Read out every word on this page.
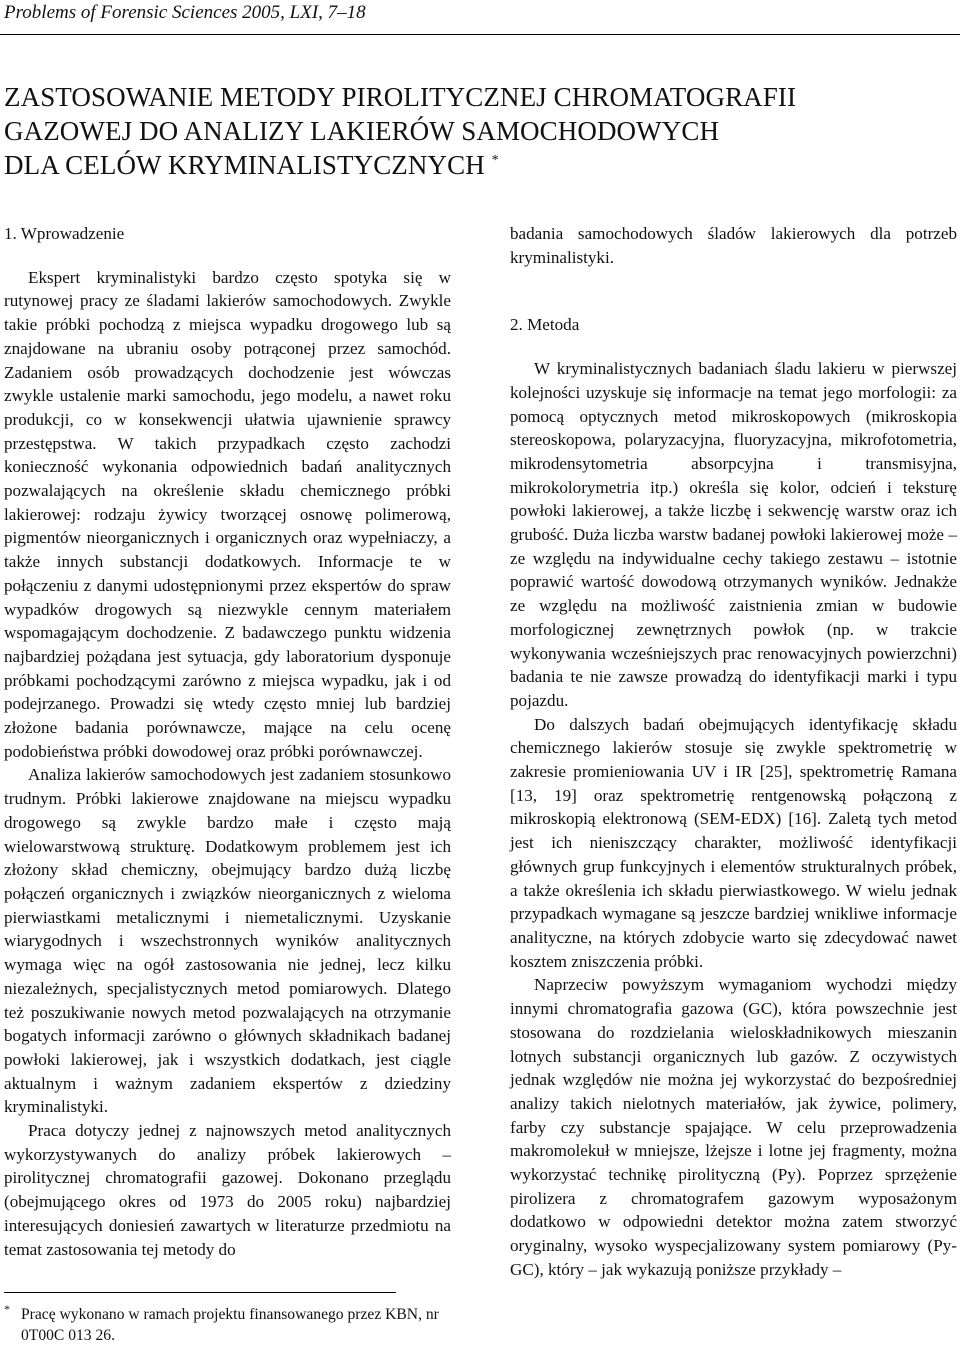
Problems of Forensic Sciences 2005, LXI, 7–18
ZASTOSOWANIE METODY PIROLITYCZNEJ CHROMATOGRAFII
GAZOWEJ DO ANALIZY LAKIERÓW SAMOCHODOWYCH
DLA CELÓW KRYMINALISTYCZNYCH *
1. Wprowadzenie

Ekspert kryminalistyki bardzo często spotyka się w rutynowej pracy ze śladami lakierów samochodowych. Zwykle takie próbki pochodzą z miejsca wypadku drogowego lub są znajdowane na ubraniu osoby potrąconej przez samochód. Zadaniem osób prowadzących dochodzenie jest wówczas zwykle ustalenie marki samochodu, jego modelu, a nawet roku produkcji, co w konsekwencji ułatwia ujawnienie sprawcy przestępstwa. W takich przypadkach często zachodzi konieczność wykonania odpowiednich badań analitycznych pozwalających na określenie składu chemicznego próbki lakierowej: rodzaju żywicy tworzącej osnowę polimerową, pigmentów nieorganicznych i organicznych oraz wypełniaczy, a także innych substancji dodatkowych. Informacje te w połączeniu z danymi udostępnionymi przez ekspertów do spraw wypadków drogowych są niezwykle cennym materiałem wspomagającym dochodzenie. Z badawczego punktu widzenia najbardziej pożądana jest sytuacja, gdy laboratorium dysponuje próbkami pochodzącymi zarówno z miejsca wypadku, jak i od podejrzanego. Prowadzi się wtedy często mniej lub bardziej złożone badania porównawcze, mające na celu ocenę podobieństwa próbki dowodowej oraz próbki porównawczej.

Analiza lakierów samochodowych jest zadaniem stosunkowo trudnym. Próbki lakierowe znajdowane na miejscu wypadku drogowego są zwykle bardzo małe i często mają wielowarstwową strukturę. Dodatkowym problemem jest ich złożony skład chemiczny, obejmujący bardzo dużą liczbę połączeń organicznych i związków nieorganicznych z wieloma pierwiastkami metalicznymi i niemetalicznymi. Uzyskanie wiarygodnych i wszechstronnych wyników analitycznych wymaga więc na ogół zastosowania nie jednej, lecz kilku niezależnych, specjalistycznych metod pomiarowych. Dlatego też poszukiwanie nowych metod pozwalających na otrzymanie bogatych informacji zarówno o głównych składnikach badanej powłoki lakierowej, jak i wszystkich dodatkach, jest ciągle aktualnym i ważnym zadaniem ekspertów z dziedziny kryminalistyki.

Praca dotyczy jednej z najnowszych metod analitycznych wykorzystywanych do analizy próbek lakierowych – pirolitycznej chromatografii gazowej. Dokonano przeglądu (obejmującego okres od 1973 do 2005 roku) najbardziej interesujących doniesień zawartych w literaturze przedmiotu na temat zastosowania tej metody do

badania samochodowych śladów lakierowych dla potrzeb kryminalistyki.

2. Metoda

W kryminalistycznych badaniach śladu lakieru w pierwszej kolejności uzyskuje się informacje na temat jego morfologii: za pomocą optycznych metod mikroskopowych (mikroskopia stereoskopowa, polaryzacyjna, fluoryzacyjna, mikrofotometria, mikrodensytometria absorpcyjna i transmisyjna, mikrokolorymetria itp.) określa się kolor, odcień i teksturę powłoki lakierowej, a także liczbę i sekwencję warstw oraz ich grubość. Duża liczba warstw badanej powłoki lakierowej może – ze względu na indywidualne cechy takiego zestawu – istotnie poprawić wartość dowodową otrzymanych wyników. Jednakże ze względu na możliwość zaistnienia zmian w budowie morfologicznej zewnętrznych powłok (np. w trakcie wykonywania wcześniejszych prac renowacyjnych powierzchni) badania te nie zawsze prowadzą do identyfikacji marki i typu pojazdu.

Do dalszych badań obejmujących identyfikację składu chemicznego lakierów stosuje się zwykle spektrometrię w zakresie promieniowania UV i IR [25], spektrometrię Ramana [13, 19] oraz spektrometrię rentgenowską połączoną z mikroskopią elektronową (SEM-EDX) [16]. Zaletą tych metod jest ich nieniszczący charakter, możliwość identyfikacji głównych grup funkcyjnych i elementów strukturalnych próbek, a także określenia ich składu pierwiastkowego. W wielu jednak przypadkach wymagane są jeszcze bardziej wnikliwe informacje analityczne, na których zdobycie warto się zdecydować nawet kosztem zniszczenia próbki.

Naprzeciw powyższym wymaganiom wychodzi między innymi chromatografia gazowa (GC), która powszechnie jest stosowana do rozdzielania wieloskładnikowych mieszanin lotnych substancji organicznych lub gazów. Z oczywistych jednak względów nie można jej wykorzystać do bezpośredniej analizy takich nielotnych materiałów, jak żywice, polimery, farby czy substancje spajające. W celu przeprowadzenia makromolekuł w mniejsze, lżejsze i lotne jej fragmenty, można wykorzystać technikę pirolityczną (Py). Poprzez sprzężenie pirolizera z chromatografem gazowym wyposażonym dodatkowo w odpowiedni detektor można zatem stworzyć oryginalny, wysoko wyspecjalizowany system pomiarowy (Py-GC), który – jak wykazują poniższe przykłady –

* Pracę wykonano w ramach projektu finansowanego przez KBN, nr 0T00C 013 26.
